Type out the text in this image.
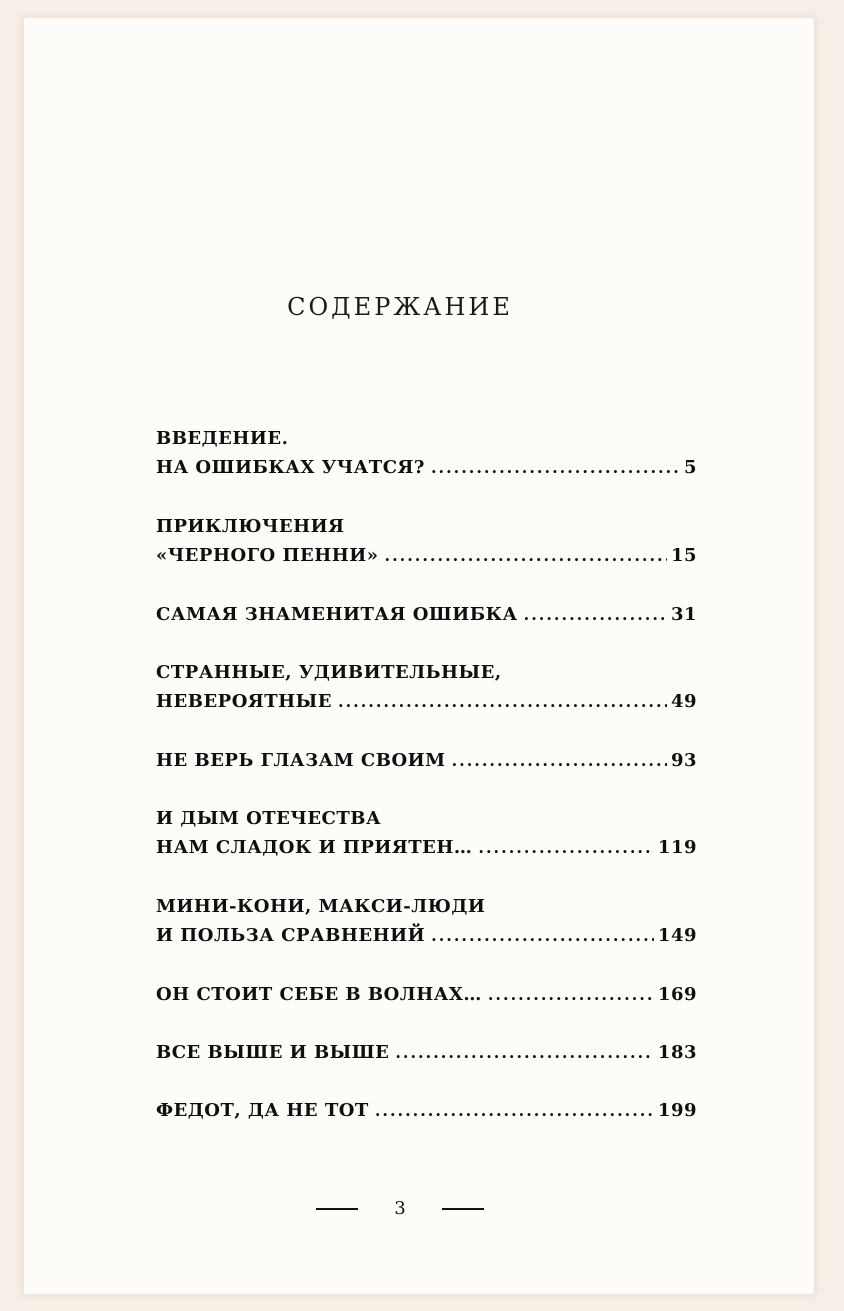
СОДЕРЖАНИЕ
ВВЕДЕНИЕ.
НА ОШИБКАХ УЧАТСЯ? .....	5
ПРИКЛЮЧЕНИЯ
«ЧЕРНОГО ПЕННИ» .....	15
САМАЯ ЗНАМЕНИТАЯ ОШИБКА .....	31
СТРАННЫЕ, УДИВИТЕЛЬНЫЕ,
НЕВЕРОЯТНЫЕ .....	49
НЕ ВЕРЬ ГЛАЗАМ СВОИМ .....	93
И ДЫМ ОТЕЧЕСТВА
НАМ СЛАДОК И ПРИЯТЕН… .....	119
МИНИ-КОНИ, МАКСИ-ЛЮДИ
И ПОЛЬЗА СРАВНЕНИЙ .....	149
ОН СТОИТ СЕБЕ В ВОЛНАХ… .....	169
ВСЕ ВЫШЕ И ВЫШЕ .....	183
ФЕДОТ, ДА НЕ ТОТ .....	199
3
